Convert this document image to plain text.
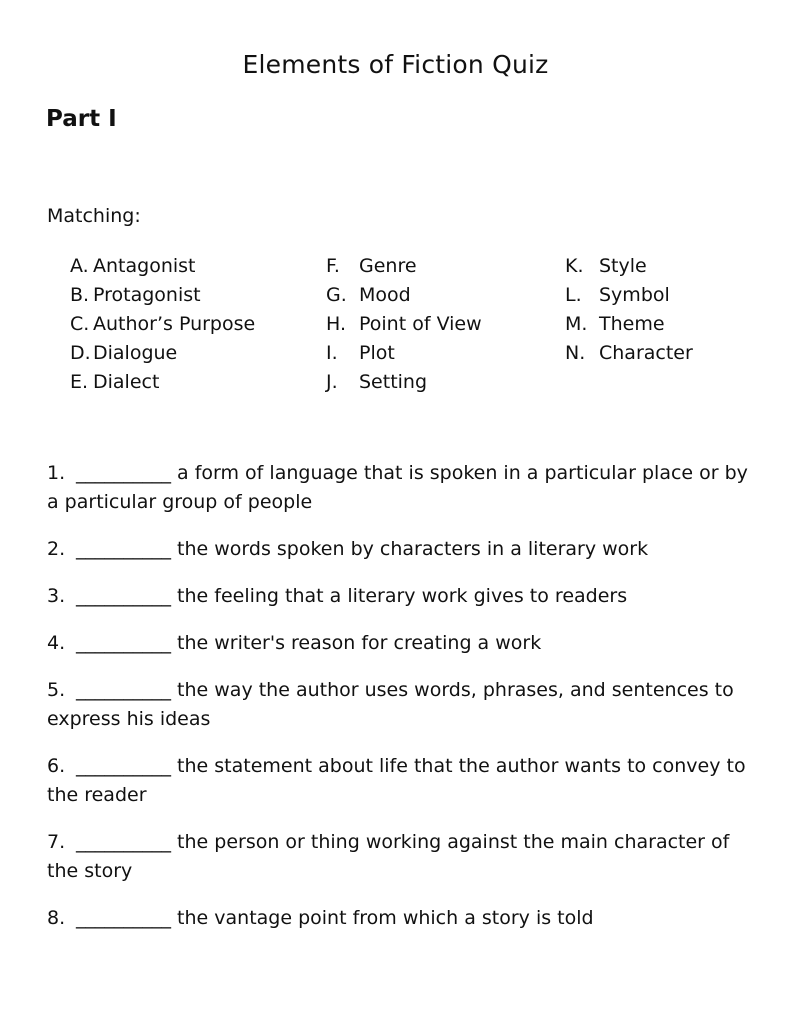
Elements of Fiction Quiz
Part I
Matching:
A. Antagonist
B. Protagonist
C. Author’s Purpose
D. Dialogue
E. Dialect
F. Genre
G. Mood
H. Point of View
I. Plot
J. Setting
K. Style
L. Symbol
M. Theme
N. Character
1. __________ a form of language that is spoken in a particular place or by a particular group of people
2. __________ the words spoken by characters in a literary work
3. __________ the feeling that a literary work gives to readers
4. __________ the writer's reason for creating a work
5. __________ the way the author uses words, phrases, and sentences to express his ideas
6. __________ the statement about life that the author wants to convey to the reader
7. __________ the person or thing working against the main character of the story
8. __________ the vantage point from which a story is told
